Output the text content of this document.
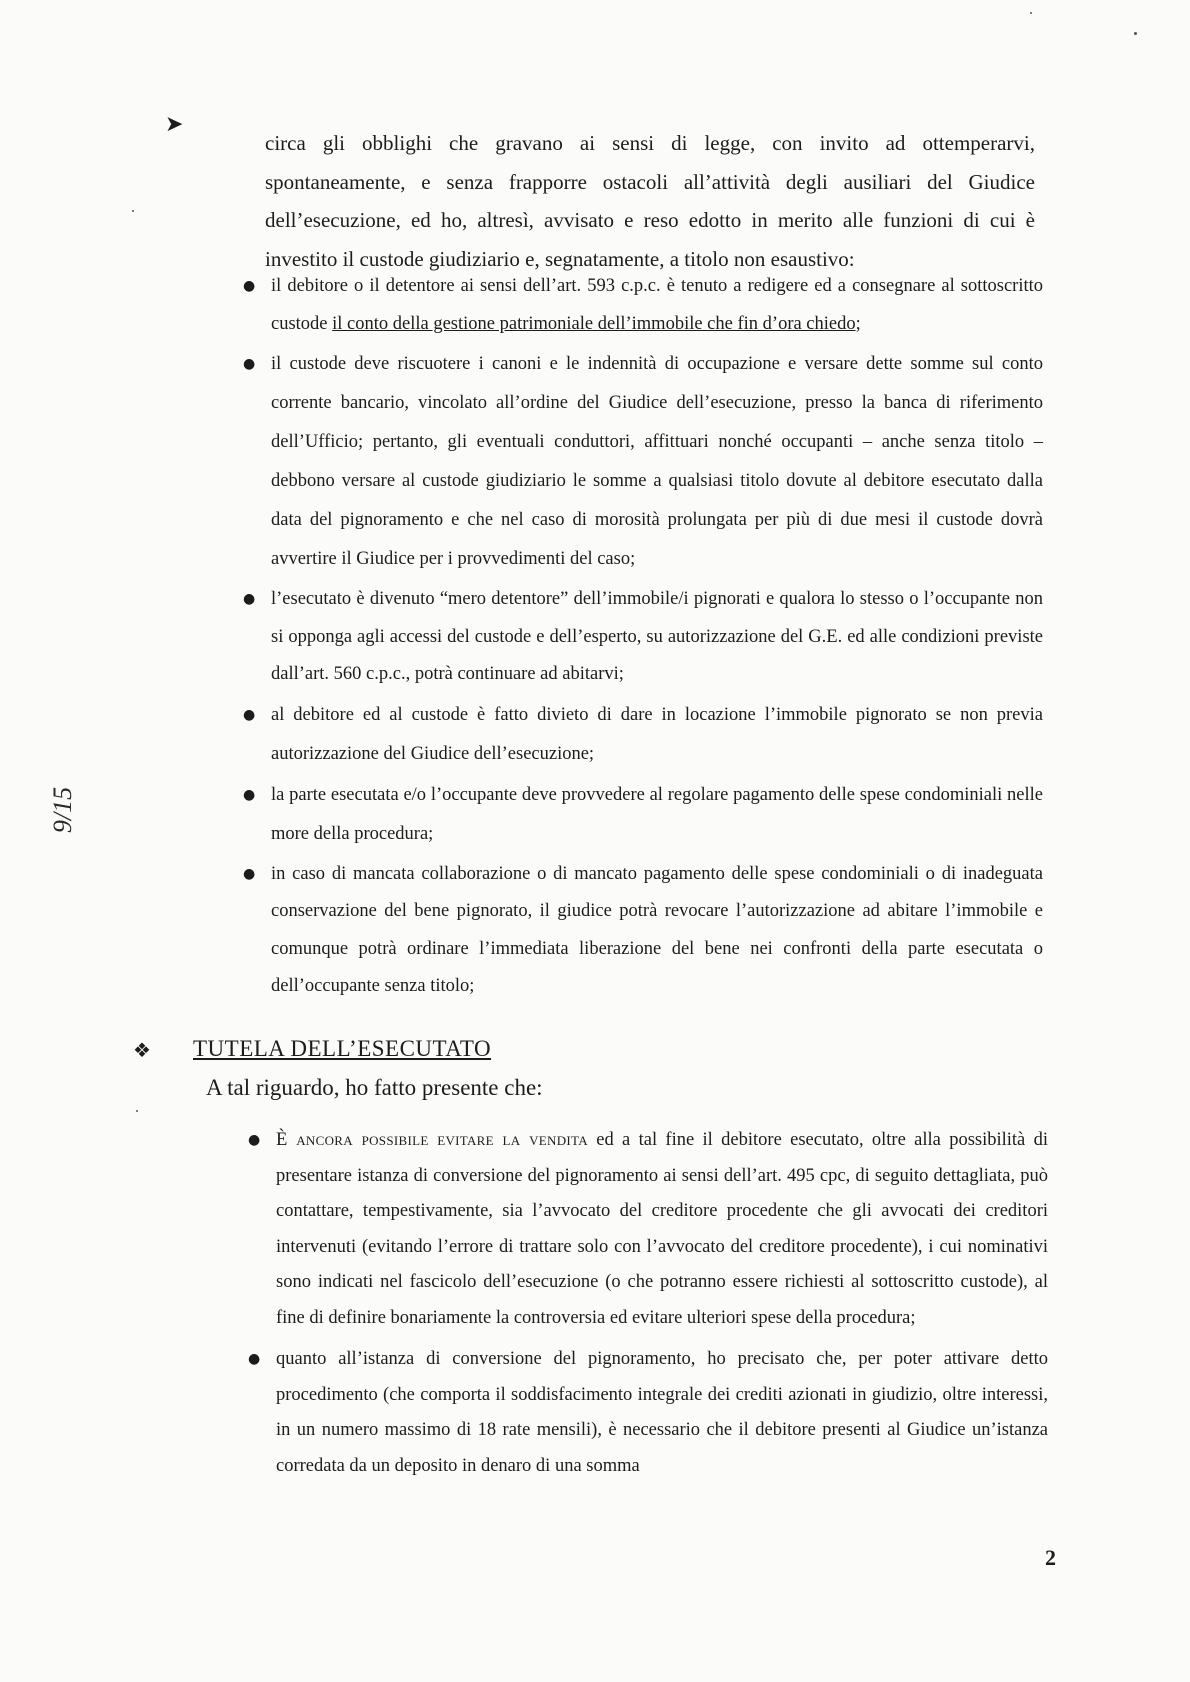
➤

circa gli obblighi che gravano ai sensi di legge, con invito ad ottemperarvi, spontaneamente, e senza frapporre ostacoli all’attività degli ausiliari del Giudice dell’esecuzione, ed ho, altresì, avvisato e reso edotto in merito alle funzioni di cui è investito il custode giudiziario e, segnatamente, a titolo non esaustivo:

● il debitore o il detentore ai sensi dell’art. 593 c.p.c. è tenuto a redigere ed a consegnare al sottoscritto custode il conto della gestione patrimoniale dell’immobile che fin d’ora chiedo;
● il custode deve riscuotere i canoni e le indennità di occupazione e versare dette somme sul conto corrente bancario, vincolato all’ordine del Giudice dell’esecuzione, presso la banca di riferimento dell’Ufficio; pertanto, gli eventuali conduttori, affittuari nonché occupanti – anche senza titolo – debbono versare al custode giudiziario le somme a qualsiasi titolo dovute al debitore esecutato dalla data del pignoramento e che nel caso di morosità prolungata per più di due mesi il custode dovrà avvertire il Giudice per i provvedimenti del caso;
● l’esecutato è divenuto “mero detentore” dell’immobile/i pignorati e qualora lo stesso o l’occupante non si opponga agli accessi del custode e dell’esperto, su autorizzazione del G.E. ed alle condizioni previste dall’art. 560 c.p.c., potrà continuare ad abitarvi;
● al debitore ed al custode è fatto divieto di dare in locazione l’immobile pignorato se non previa autorizzazione del Giudice dell’esecuzione;
● la parte esecutata e/o l’occupante deve provvedere al regolare pagamento delle spese condominiali nelle more della procedura;
● in caso di mancata collaborazione o di mancato pagamento delle spese condominiali o di inadeguata conservazione del bene pignorato, il giudice potrà revocare l’autorizzazione ad abitare l’immobile e comunque potrà ordinare l’immediata liberazione del bene nei confronti della parte esecutata o dell’occupante senza titolo;
❖ TUTELA DELL’ESECUTATO

A tal riguardo, ho fatto presente che:

● È ancora possibile evitare la vendita ed a tal fine il debitore esecutato, oltre alla possibilità di presentare istanza di conversione del pignoramento ai sensi dell’art. 495 cpc, di seguito dettagliata, può contattare, tempestivamente, sia l’avvocato del creditore procedente che gli avvocati dei creditori intervenuti (evitando l’errore di trattare solo con l’avvocato del creditore procedente), i cui nominativi sono indicati nel fascicolo dell’esecuzione (o che potranno essere richiesti al sottoscritto custode), al fine di definire bonariamente la controversia ed evitare ulteriori spese della procedura;
● quanto all’istanza di conversione del pignoramento, ho precisato che, per poter attivare detto procedimento (che comporta il soddisfacimento integrale dei crediti azionati in giudizio, oltre interessi, in un numero massimo di 18 rate mensili), è necessario che il debitore presenti al Giudice un’istanza corredata da un deposito in denaro di una somma
9/15
2
